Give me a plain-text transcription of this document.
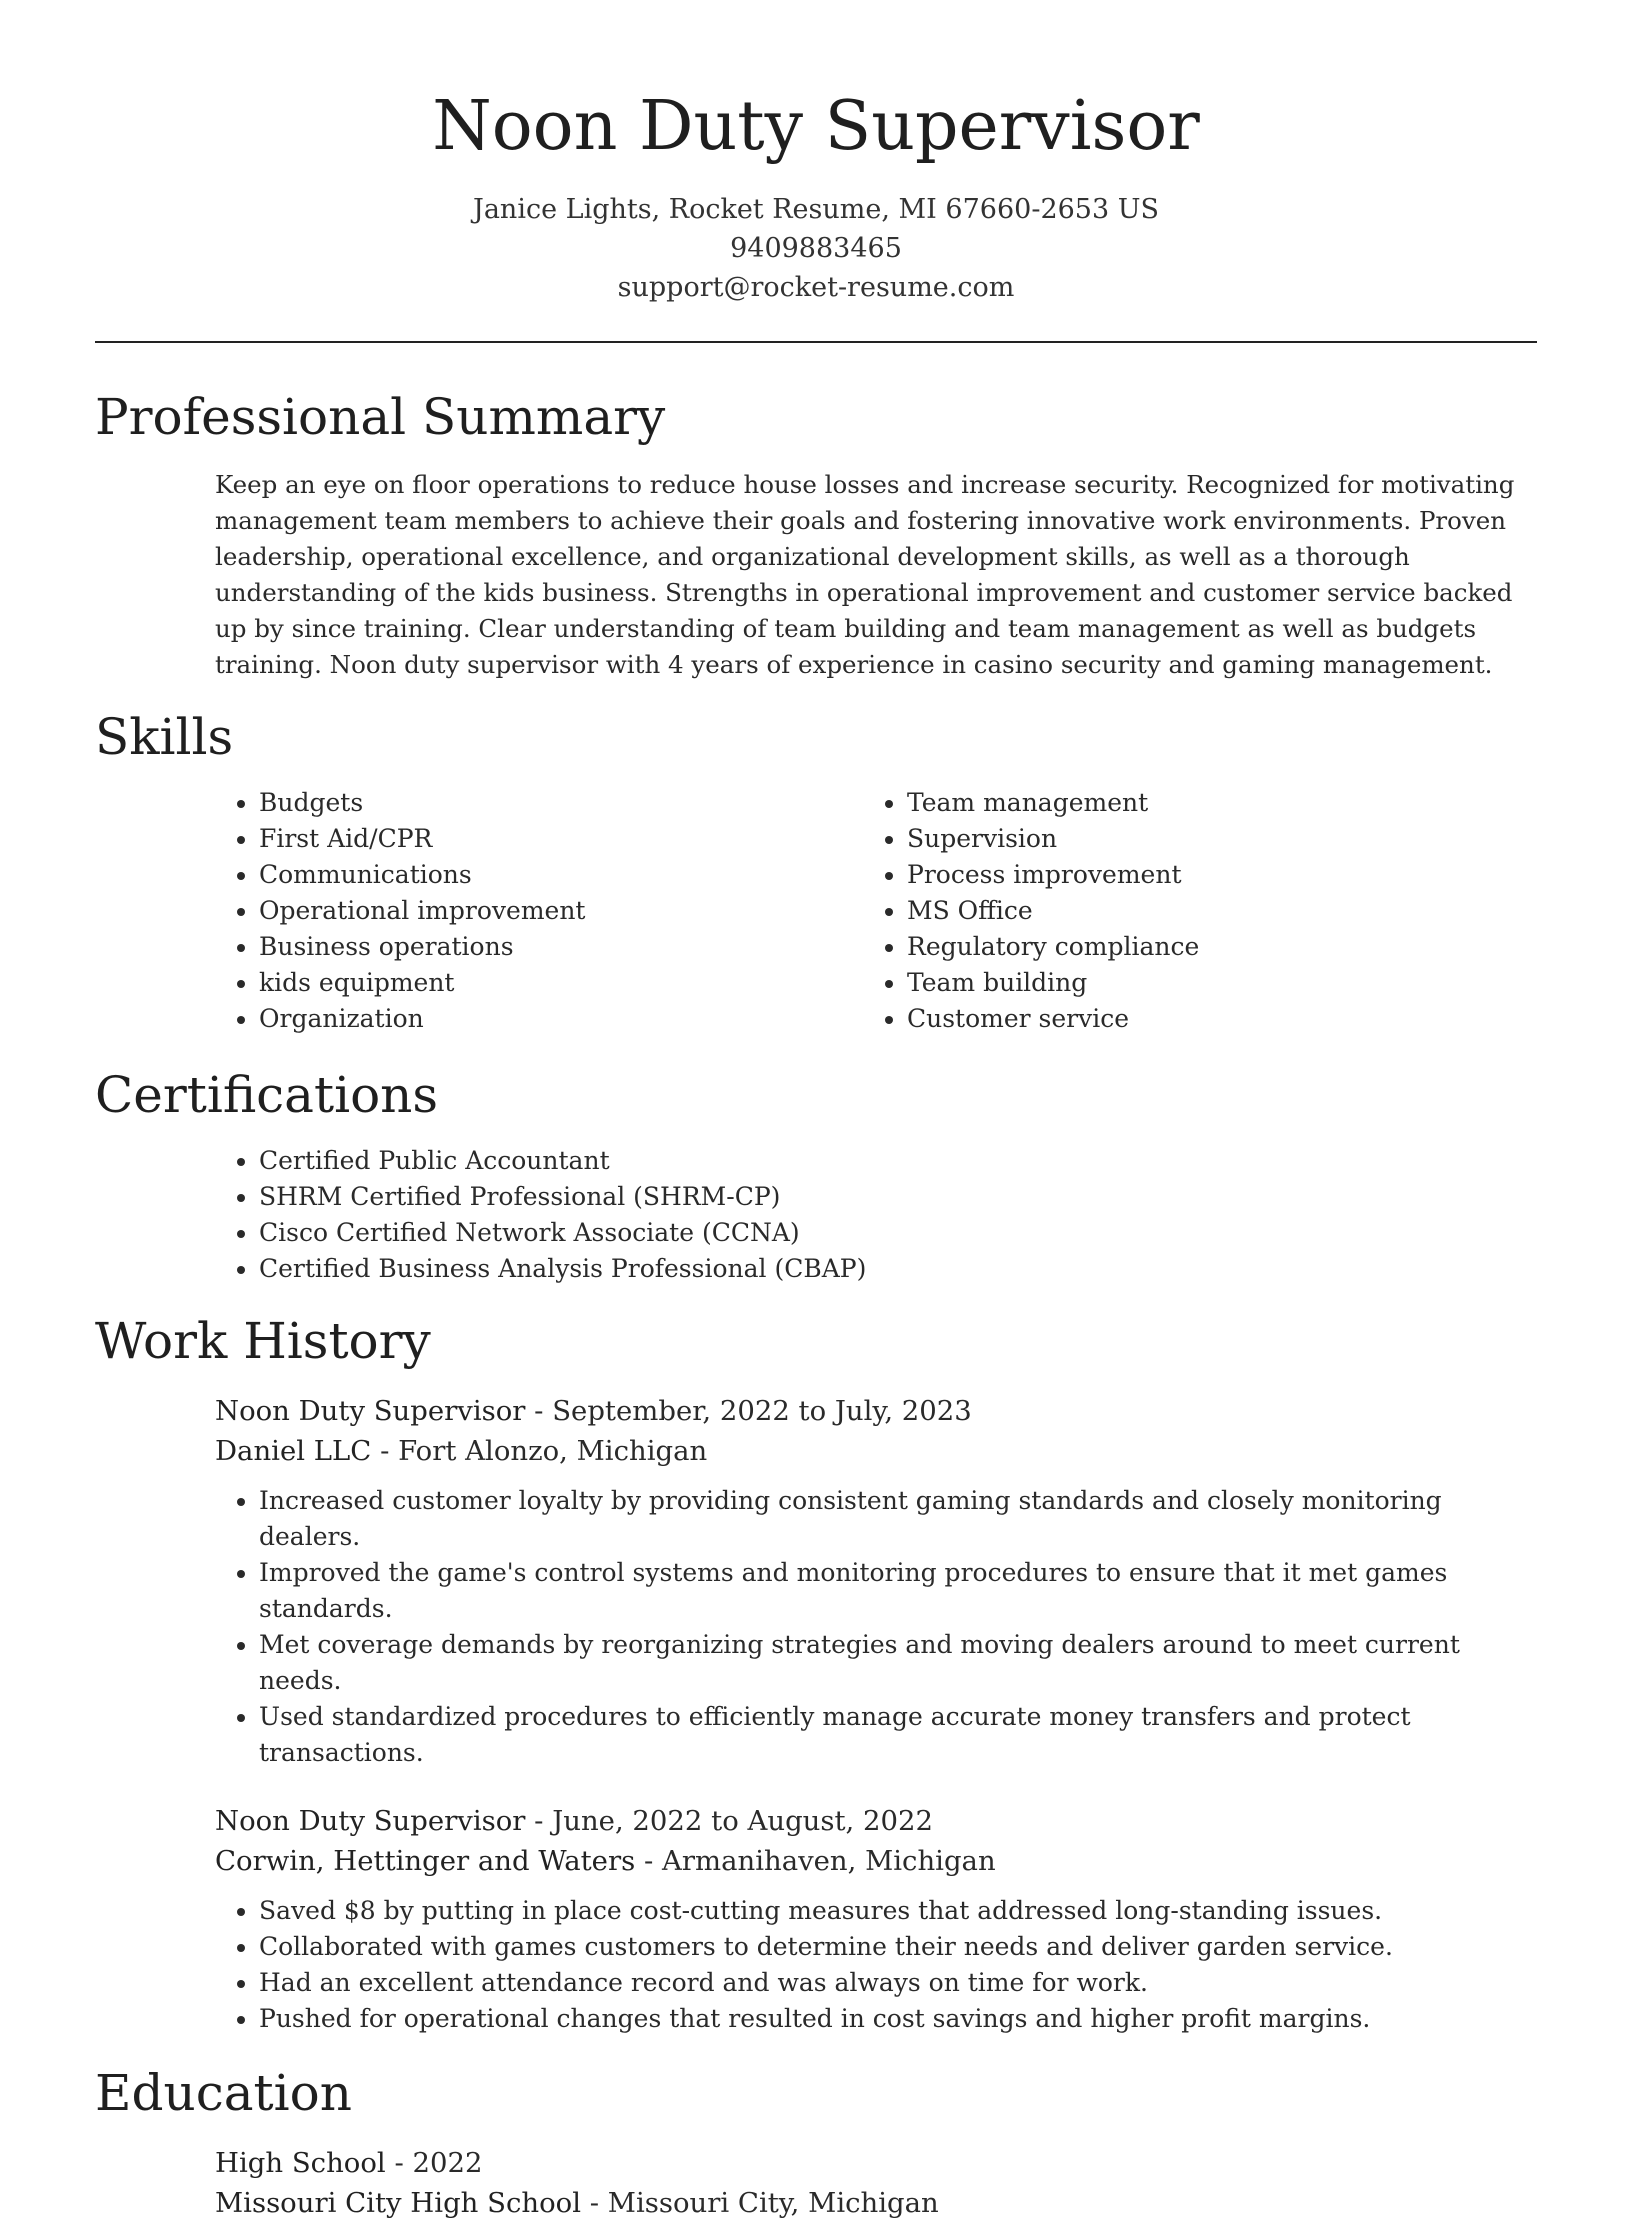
Noon Duty Supervisor
Janice Lights, Rocket Resume, MI 67660-2653 US
9409883465
support@rocket-resume.com
Professional Summary

Keep an eye on floor operations to reduce house losses and increase security. Recognized for motivating management team members to achieve their goals and fostering innovative work environments. Proven leadership, operational excellence, and organizational development skills, as well as a thorough understanding of the kids business. Strengths in operational improvement and customer service backed up by since training. Clear understanding of team building and team management as well as budgets training. Noon duty supervisor with 4 years of experience in casino security and gaming management.

Skills
• Budgets
• First Aid/CPR
• Communications
• Operational improvement
• Business operations
• kids equipment
• Organization
• Team management
• Supervision
• Process improvement
• MS Office
• Regulatory compliance
• Team building
• Customer service
Certifications
• Certified Public Accountant
• SHRM Certified Professional (SHRM-CP)
• Cisco Certified Network Associate (CCNA)
• Certified Business Analysis Professional (CBAP)
Work History
Noon Duty Supervisor - September, 2022 to July, 2023
Daniel LLC - Fort Alonzo, Michigan
• Increased customer loyalty by providing consistent gaming standards and closely monitoring dealers.
• Improved the game's control systems and monitoring procedures to ensure that it met games standards.
• Met coverage demands by reorganizing strategies and moving dealers around to meet current needs.
• Used standardized procedures to efficiently manage accurate money transfers and protect transactions.
Noon Duty Supervisor - June, 2022 to August, 2022
Corwin, Hettinger and Waters - Armanihaven, Michigan
• Saved $8 by putting in place cost-cutting measures that addressed long-standing issues.
• Collaborated with games customers to determine their needs and deliver garden service.
• Had an excellent attendance record and was always on time for work.
• Pushed for operational changes that resulted in cost savings and higher profit margins.
Education
High School - 2022
Missouri City High School - Missouri City, Michigan
